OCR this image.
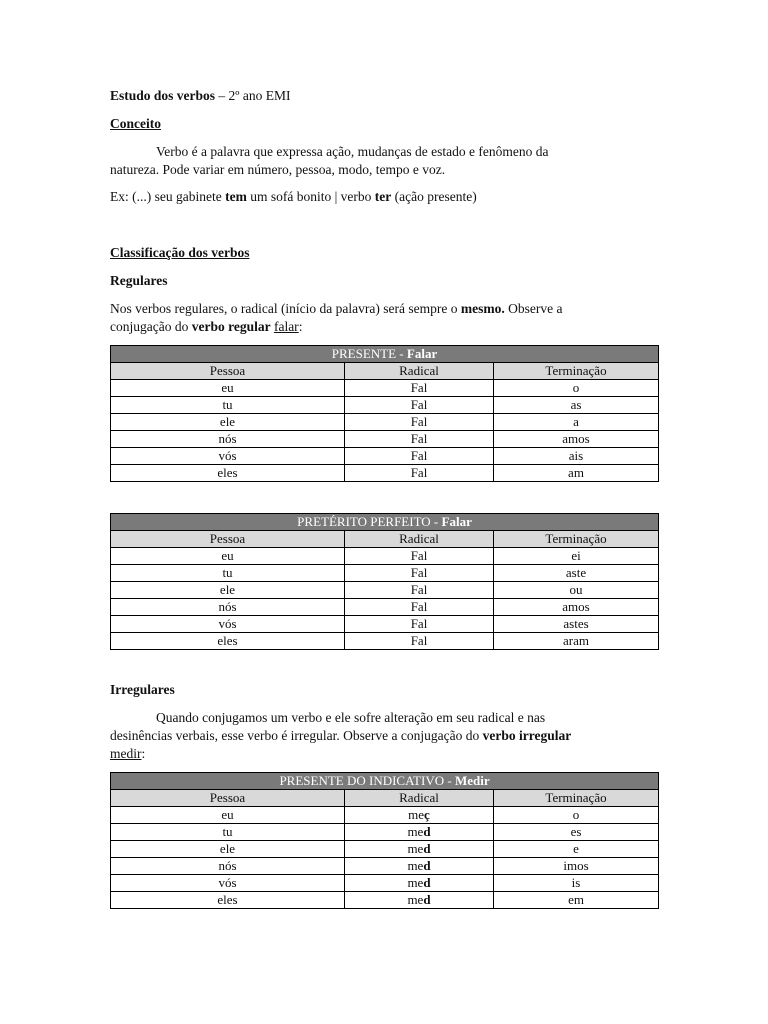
Estudo dos verbos – 2º ano EMI
Conceito
Verbo é a palavra que expressa ação, mudanças de estado e fenômeno da
natureza. Pode variar em número, pessoa, modo, tempo e voz.
Ex: (...) seu gabinete tem um sofá bonito | verbo ter (ação presente)
Classificação dos verbos
Regulares
Nos verbos regulares, o radical (início da palavra) será sempre o mesmo. Observe a
conjugação do verbo regular falar:
PRESENTE - Falar		
Pessoa	Radical	Terminação
eu	Fal	o
tu	Fal	as
ele	Fal	a
nós	Fal	amos
vós	Fal	ais
eles	Fal	am
PRETÉRITO PERFEITO - Falar		
Pessoa	Radical	Terminação
eu	Fal	ei
tu	Fal	aste
ele	Fal	ou
nós	Fal	amos
vós	Fal	astes
eles	Fal	aram
Irregulares
Quando conjugamos um verbo e ele sofre alteração em seu radical e nas
desinências verbais, esse verbo é irregular. Observe a conjugação do verbo irregular
medir:
PRESENTE DO INDICATIVO - Medir		
Pessoa	Radical	Terminação
eu	meç	o
tu	med	es
ele	med	e
nós	med	imos
vós	med	is
eles	med	em
